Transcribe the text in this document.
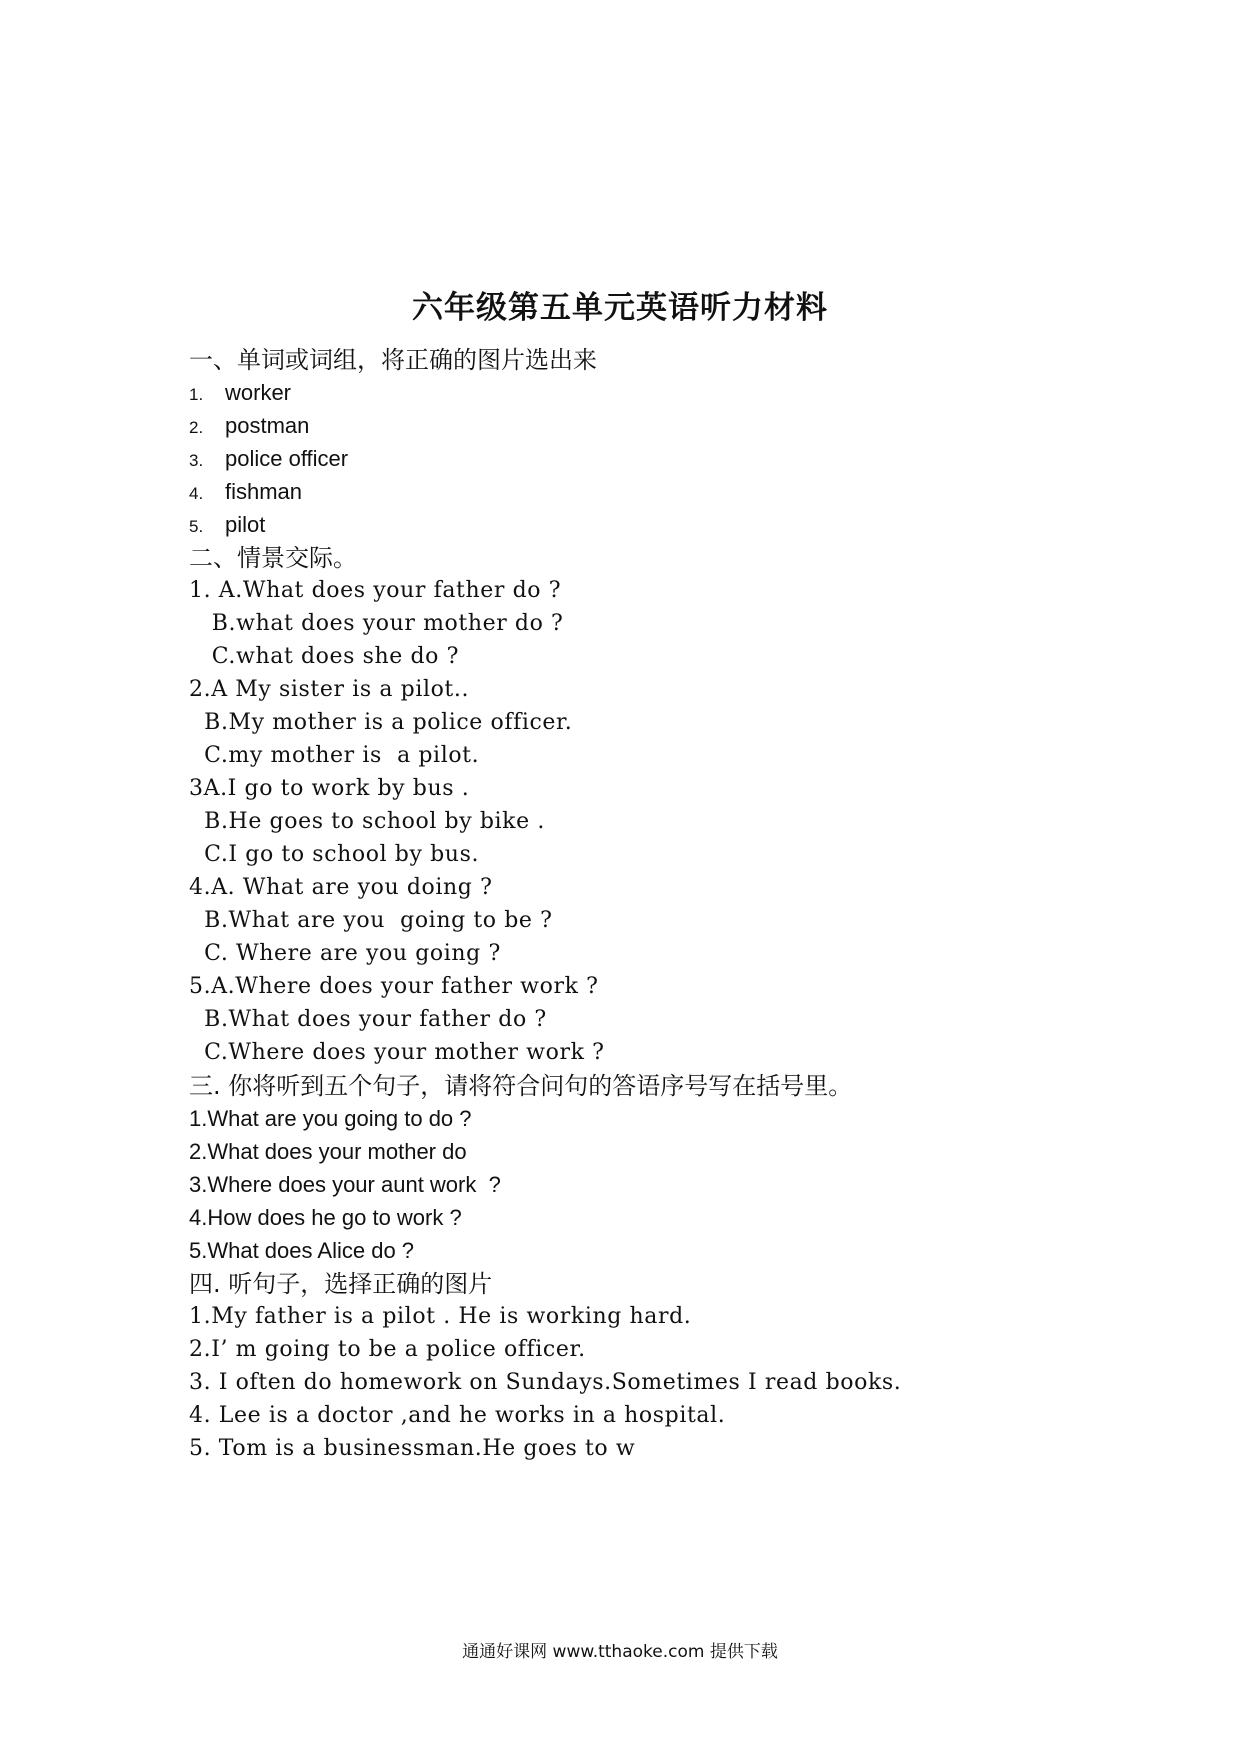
六年级第五单元英语听力材料
一、单词或词组，将正确的图片选出来
1. worker
2. postman
3. police officer
4. fishman
5. pilot
二、情景交际。
1. A.What does your father do ?
B.what does your mother do ?
C.what does she do ?
2.A My sister is a pilot..
B.My mother is a police officer.
C.my mother is  a pilot.
3A.I go to work by bus .
B.He goes to school by bike .
C.I go to school by bus.
4.A. What are you doing ?
B.What are you  going to be ?
C. Where are you going ?
5.A.Where does your father work ?
B.What does your father do ?
C.Where does your mother work ?
三. 你将听到五个句子，请将符合问句的答语序号写在括号里。
1.What are you going to do ?
2.What does your mother do
3.Where does your aunt work  ?
4.How does he go to work ?
5.What does Alice do ?
四. 听句子，选择正确的图片
1.My father is a pilot . He is working hard.
2.I’ m going to be a police officer.
3. I often do homework on Sundays.Sometimes I read books.
4. Lee is a doctor ,and he works in a hospital.
5. Tom is a businessman.He goes to w
通通好课网 www.tthaoke.com 提供下载
